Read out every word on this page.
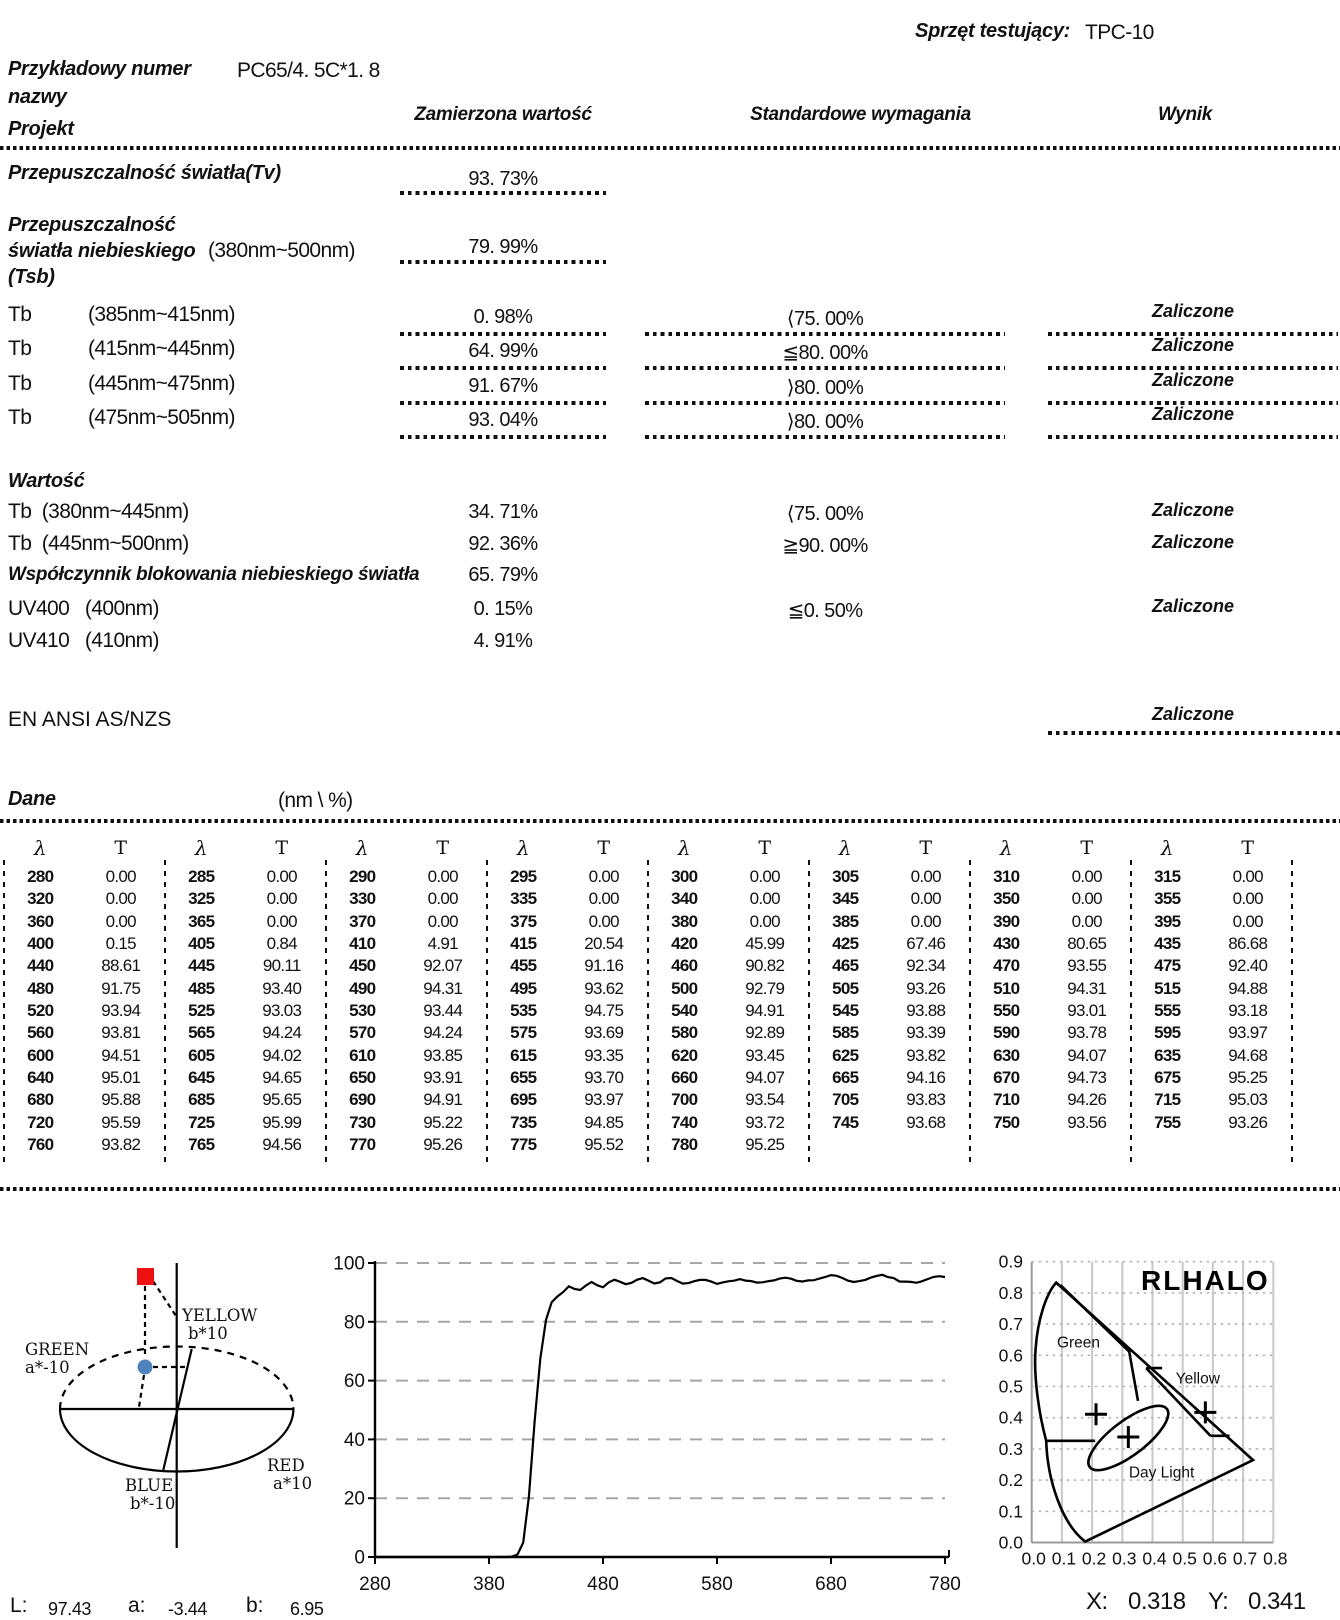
Sprzęt testujący: TPC-10
Przykładowy numer
nazwy
PC65/4. 5C*1. 8
Projekt
Zamierzona wartość	Standardowe wymagania	Wynik
Przepuszczalność światła(Tv)	93. 73%
Przepuszczalność
światła niebieskiego (380nm~500nm)
(Tsb)
79. 99%
Tb	(385nm~415nm)	0. 98%	⟨75. 00%	Zaliczone
Tb	(415nm~445nm)	64. 99%	≦80. 00%	Zaliczone
Tb	(445nm~475nm)	91. 67%	⟩80. 00%	Zaliczone
Tb	(475nm~505nm)	93. 04%	⟩80. 00%	Zaliczone
Wartość
Tb  (380nm~445nm)	34. 71%	⟨75. 00%	Zaliczone
Tb  (445nm~500nm)	92. 36%	≧90. 00%	Zaliczone
Współczynnik blokowania niebieskiego światła	65. 79%
UV400   (400nm)	0. 15%	≦0. 50%	Zaliczone
UV410   (410nm)	4. 91%
EN ANSI AS/NZS	Zaliczone
Dane	(nm \ %)
λ	T	λ	T	λ	T	λ	T	λ	T	λ	T	λ	T	λ	T
280	0.00	285	0.00	290	0.00	295	0.00	300	0.00	305	0.00	310	0.00	315	0.00
320	0.00	325	0.00	330	0.00	335	0.00	340	0.00	345	0.00	350	0.00	355	0.00
360	0.00	365	0.00	370	0.00	375	0.00	380	0.00	385	0.00	390	0.00	395	0.00
400	0.15	405	0.84	410	4.91	415	20.54	420	45.99	425	67.46	430	80.65	435	86.68
440	88.61	445	90.11	450	92.07	455	91.16	460	90.82	465	92.34	470	93.55	475	92.40
480	91.75	485	93.40	490	94.31	495	93.62	500	92.79	505	93.26	510	94.31	515	94.88
520	93.94	525	93.03	530	93.44	535	94.75	540	94.91	545	93.88	550	93.01	555	93.18
560	93.81	565	94.24	570	94.24	575	93.69	580	92.89	585	93.39	590	93.78	595	93.97
600	94.51	605	94.02	610	93.85	615	93.35	620	93.45	625	93.82	630	94.07	635	94.68
640	95.01	645	94.65	650	93.91	655	93.70	660	94.07	665	94.16	670	94.73	675	95.25
680	95.88	685	95.65	690	94.91	695	93.97	700	93.54	705	93.83	710	94.26	715	95.03
720	95.59	725	95.99	730	95.22	735	94.85	740	93.72	745	93.68	750	93.56	755	93.26
760	93.82	765	94.56	770	95.26	775	95.52	780	95.25
YELLOW
b*10
GREEN
a*-10
RED
a*10
BLUE
b*-10
0
20
40
60
80
100
280	380	480	580	680	780
0.0 0.1 0.2 0.3 0.4 0.5 0.6 0.7 0.8
0.0
0.1
0.2
0.3
0.4
0.5
0.6
0.7
0.8
0.9
RLHALO
Green
Yellow
Day Light
L: 97.43 a: -3.44 b: 6.95	X: 0.318 Y: 0.341
